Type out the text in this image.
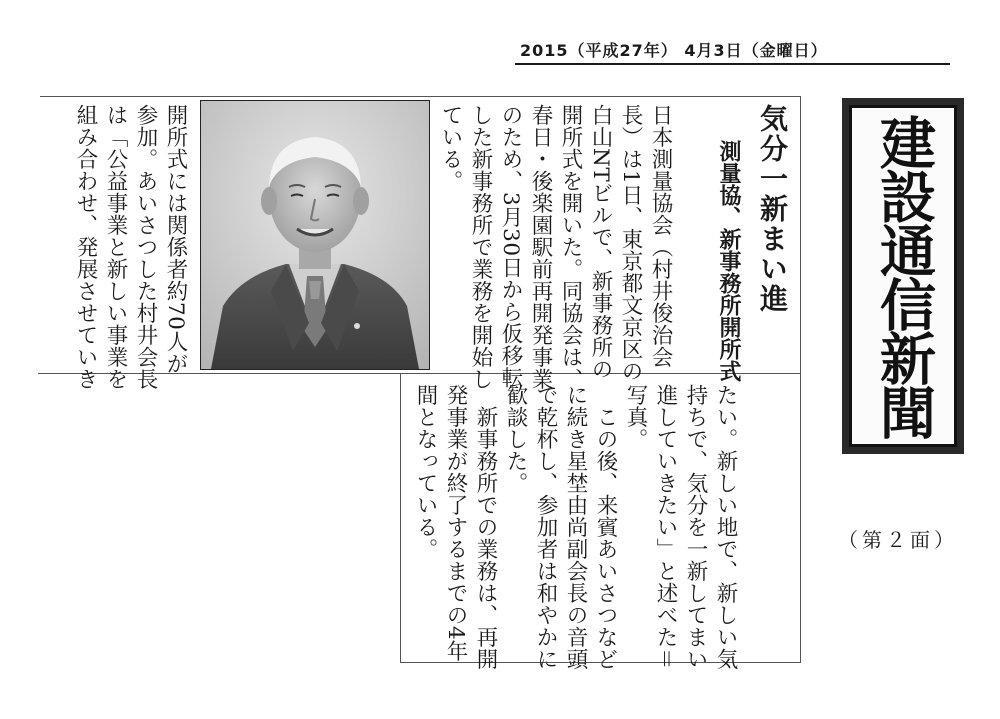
2015（平成27年） 4月3日（金曜日）
建設通信新聞
（第２面）
気分一新まい進
測量協、新事務所開所式
日本測量協会（村井俊治会
長）は1日、東京都文京区の
白山NTビルで、新事務所の
開所式を開いた。同協会は、
春日・後楽園駅前再開発事業
のため、3月30日から仮移転
した新事務所で業務を開始し
ている。
開所式には関係者約70人が
参加。あいさつした村井会長
は「公益事業と新しい事業を
組み合わせ、発展させていき
たい。新しい地で、新しい気
持ちで、気分を一新してまい
進していきたい」と述べた＝
写真。
　この後、来賓あいさつなど
に続き星埜由尚副会長の音頭
で乾杯し、参加者は和やかに
歓談した。
　新事務所での業務は、再開
発事業が終了するまでの4年
間となっている。
